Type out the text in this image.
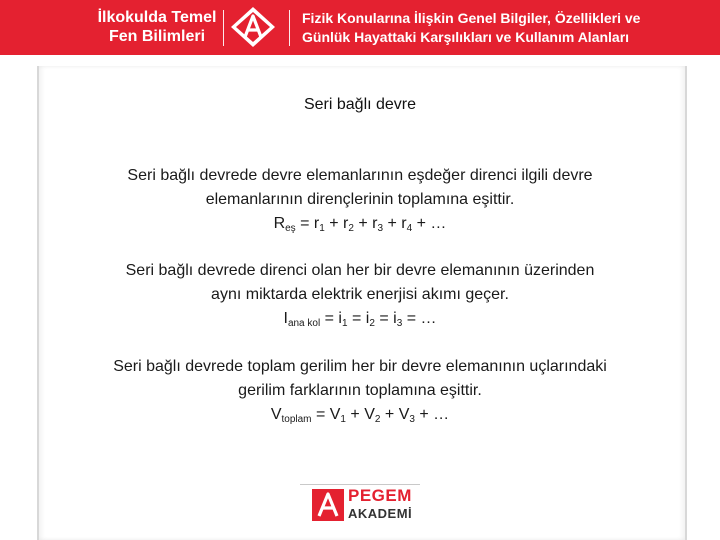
İlkokulda Temel
Fen Bilimleri
Fizik Konularına İlişkin Genel Bilgiler, Özellikleri ve
Günlük Hayattaki Karşılıkları ve Kullanım Alanları
Seri bağlı devre
Seri bağlı devrede devre elemanlarının eşdeğer direnci ilgili devre
elemanlarının dirençlerinin toplamına eşittir.
$R_{eş} = r_1 + r_2 + r_3 + r_4$ + …
Seri bağlı devrede direnci olan her bir devre elemanının üzerinden
aynı miktarda elektrik enerjisi akımı geçer.
$I_{ana kol} = i_1 = i_2 = i_3$ = …
Seri bağlı devrede toplam gerilim her bir devre elemanının uçlarındaki
gerilim farklarının toplamına eşittir.
$V_{toplam} = V_1 + V_2 + V_3$ + …
PEGEM
AKADEMİ
